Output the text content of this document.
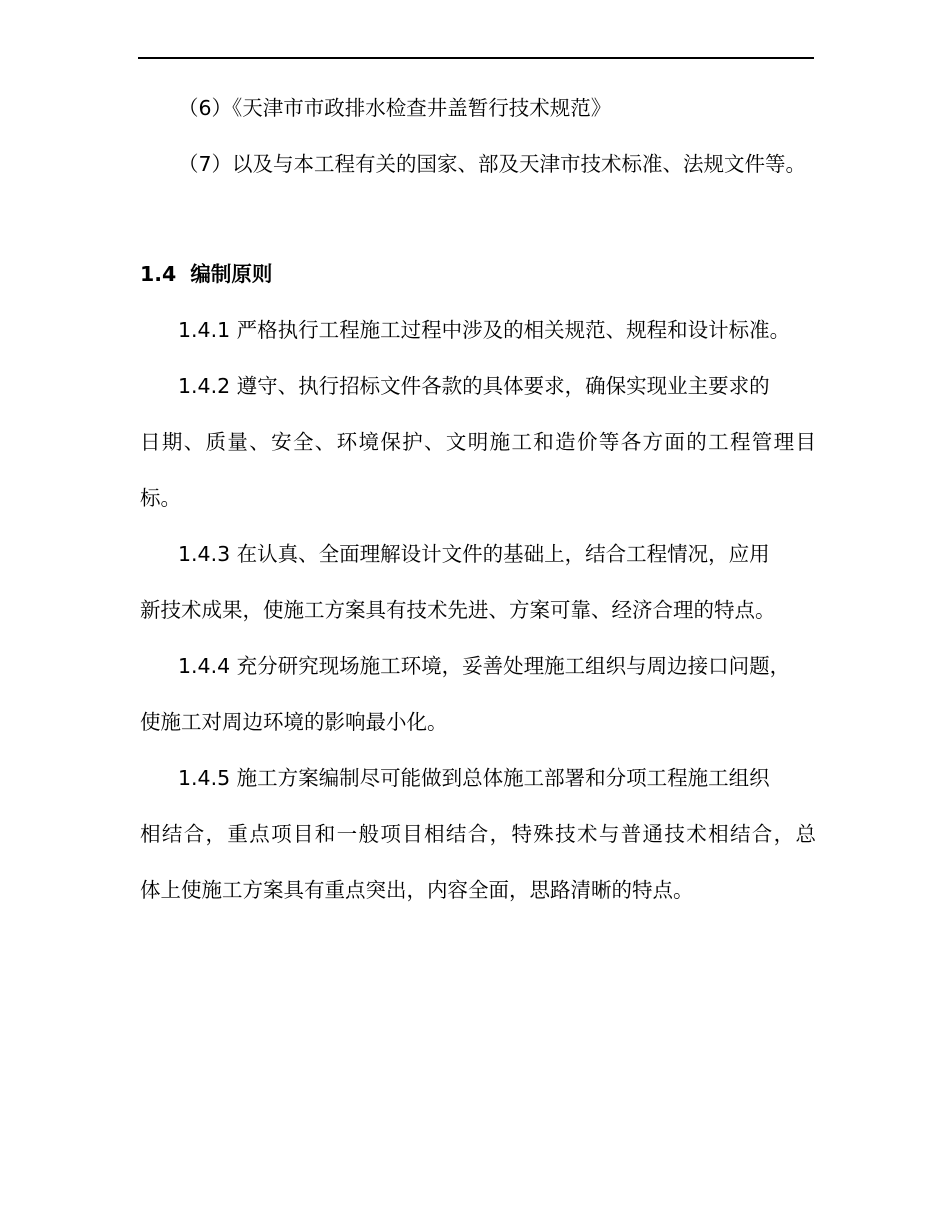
（6）《天津市市政排水检查井盖暂行技术规范》
（7）以及与本工程有关的国家、部及天津市技术标准、法规文件等。
1.4 编制原则
1.4.1 严格执行工程施工过程中涉及的相关规范、规程和设计标准。
1.4.2 遵守、执行招标文件各款的具体要求，确保实现业主要求的
日期、质量、安全、环境保护、文明施工和造价等各方面的工程管理目
标。
1.4.3 在认真、全面理解设计文件的基础上，结合工程情况，应用
新技术成果，使施工方案具有技术先进、方案可靠、经济合理的特点。
1.4.4 充分研究现场施工环境，妥善处理施工组织与周边接口问题，
使施工对周边环境的影响最小化。
1.4.5 施工方案编制尽可能做到总体施工部署和分项工程施工组织
相结合，重点项目和一般项目相结合，特殊技术与普通技术相结合，总
体上使施工方案具有重点突出，内容全面，思路清晰的特点。
